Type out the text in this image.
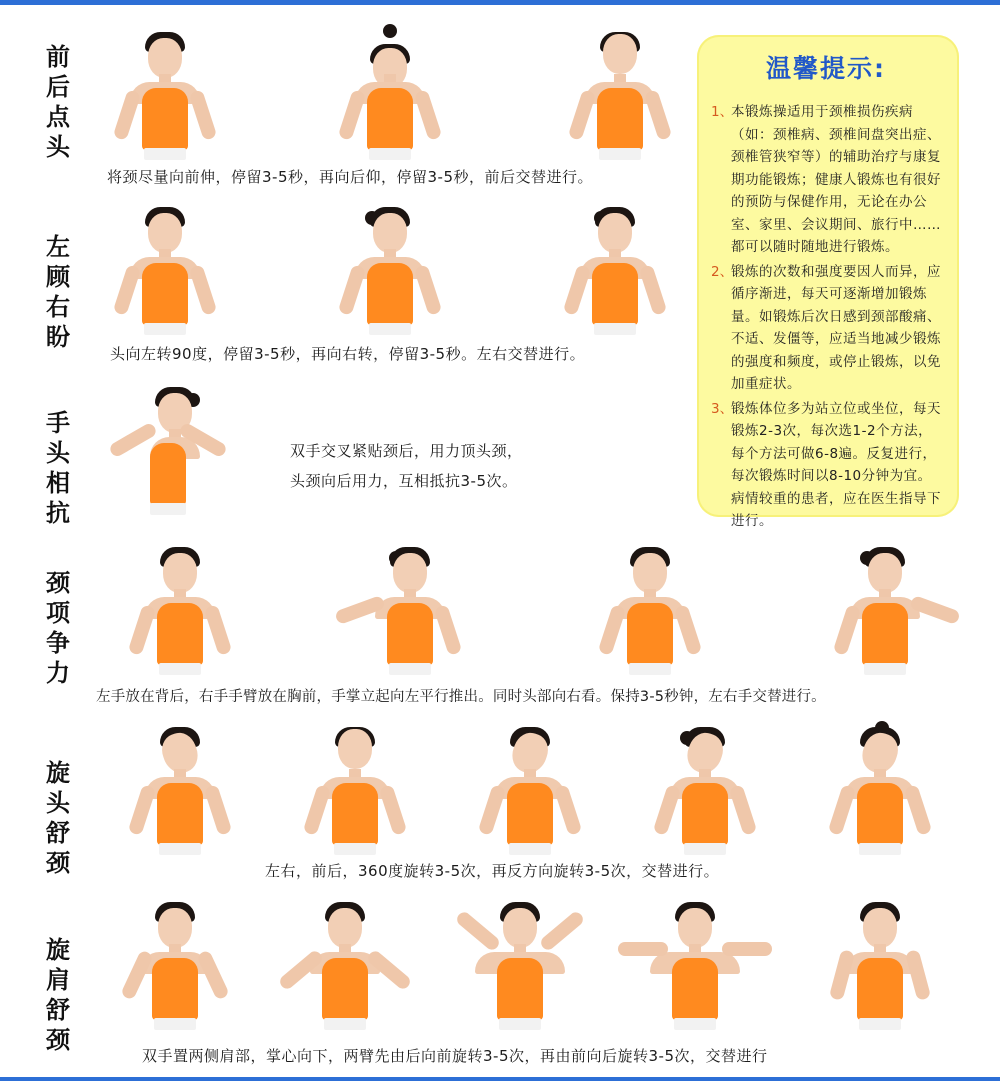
前后点头
将颈尽量向前伸，停留3-5秒，再向后仰，停留3-5秒，前后交替进行。
左顾右盼
头向左转90度，停留3-5秒，再向右转，停留3-5秒。左右交替进行。
手头相抗
双手交叉紧贴颈后，用力顶头颈，
头颈向后用力，互相抵抗3-5次。
颈项争力
左手放在背后，右手手臂放在胸前，手掌立起向左平行推出。同时头部向右看。保持3-5秒钟，左右手交替进行。
旋头舒颈	左右，前后，360度旋转3-5次，再反方向旋转3-5次，交替进行。
旋肩舒颈
双手置两侧肩部，掌心向下，两臂先由后向前旋转3-5次，再由前向后旋转3-5次，交替进行
温馨提示:
1、
本锻炼操适用于颈椎损伤疾病（如：颈椎病、颈椎间盘突出症、颈椎管狭窄等）的辅助治疗与康复期功能锻炼；健康人锻炼也有很好的预防与保健作用，无论在办公室、家里、会议期间、旅行中……都可以随时随地进行锻炼。
2、
锻炼的次数和强度要因人而异，应循序渐进，每天可逐渐增加锻炼量。如锻炼后次日感到颈部酸痛、不适、发僵等，应适当地减少锻炼的强度和频度，或停止锻炼，以免加重症状。
3、
锻炼体位多为站立位或坐位，每天锻炼2-3次，每次选1-2个方法，每个方法可做6-8遍。反复进行，每次锻炼时间以8-10分钟为宜。病情较重的患者，应在医生指导下进行。
